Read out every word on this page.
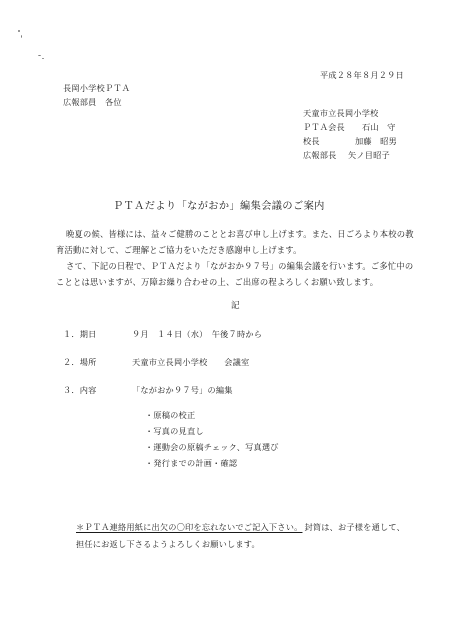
平成２８年８月２９日
長岡小学校ＰＴＡ
広報部員　各位
天童市立長岡小学校
ＰＴＡ会長 石山　守
校長	加藤　昭男
広報部長 矢ノ目昭子
ＰＴＡだより「ながおか」編集会議のご案内
晩夏の候、皆様には、益々ご健勝のこととお喜び申し上げます。また、日ごろより本校の教
育活動に対して、ご理解とご協力をいただき感謝申し上げます。
さて、下記の日程で、ＰＴＡだより「ながおか９７号」の編集会議を行います。ご多忙中の
こととは思いますが、万障お繰り合わせの上、ご出席の程よろしくお願い致します。
記
１．期日	９月　１４日（水）　午後７時から
２．場所	天童市立長岡小学校　　会議室
３．内容	「ながおか９７号」の編集
・原稿の校正
・写真の見直し
・運動会の原稿チェック、写真選び
・発行までの計画・確認
＊ＰＴＡ連絡用紙に出欠の〇印を忘れないでご記入下さい。 封筒は、お子様を通して、
担任にお返し下さるようよろしくお願いします。
